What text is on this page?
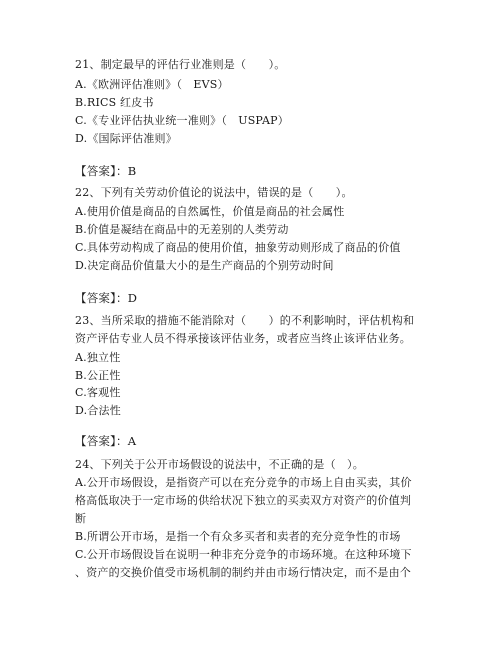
21、制定最早的评估行业准则是（　　）。
A.《欧洲评估准则》（　EVS）
B.RICS 红皮书
C.《专业评估执业统一准则》（　USPAP）
D.《国际评估准则》
【答案】：B
22、下列有关劳动价值论的说法中，错误的是（　　）。
A.使用价值是商品的自然属性，价值是商品的社会属性
B.价值是凝结在商品中的无差别的人类劳动
C.具体劳动构成了商品的使用价值，抽象劳动则形成了商品的价值
D.决定商品价值量大小的是生产商品的个别劳动时间
【答案】：D
23、当所采取的措施不能消除对（　　）的不利影响时，评估机构和
资产评估专业人员不得承接该评估业务，或者应当终止该评估业务。
A.独立性
B.公正性
C.客观性
D.合法性
【答案】：A
24、下列关于公开市场假设的说法中，不正确的是（　）。
A.公开市场假设，是指资产可以在充分竞争的市场上自由买卖，其价
格高低取决于一定市场的供给状况下独立的买卖双方对资产的价值判
断
B.所谓公开市场，是指一个有众多买者和卖者的充分竞争性的市场
C.公开市场假设旨在说明一种非充分竞争的市场环境。在这种环境下
、资产的交换价值受市场机制的制约并由市场行情决定，而不是由个
